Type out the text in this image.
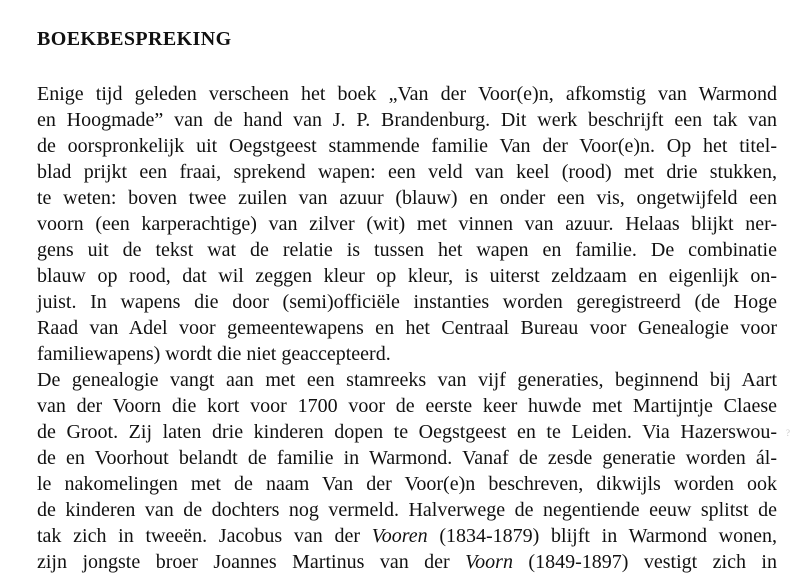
BOEKBESPREKING
Enige tijd geleden verscheen het boek „Van der Voor(e)n, afkomstig van Warmond
en Hoogmade” van de hand van J. P. Brandenburg. Dit werk beschrijft een tak van
de oorspronkelijk uit Oegstgeest stammende familie Van der Voor(e)n. Op het titel-
blad prijkt een fraai, sprekend wapen: een veld van keel (rood) met drie stukken,
te weten: boven twee zuilen van azuur (blauw) en onder een vis, ongetwijfeld een
voorn (een karperachtige) van zilver (wit) met vinnen van azuur. Helaas blijkt ner-
gens uit de tekst wat de relatie is tussen het wapen en familie. De combinatie
blauw op rood, dat wil zeggen kleur op kleur, is uiterst zeldzaam en eigenlijk on-
juist. In wapens die door (semi)officiële instanties worden geregistreerd (de Hoge
Raad van Adel voor gemeentewapens en het Centraal Bureau voor Genealogie voor
familiewapens) wordt die niet geaccepteerd.
De genealogie vangt aan met een stamreeks van vijf generaties, beginnend bij Aart
van der Voorn die kort voor 1700 voor de eerste keer huwde met Martijntje Claese
de Groot. Zij laten drie kinderen dopen te Oegstgeest en te Leiden. Via Hazerswou-
de en Voorhout belandt de familie in Warmond. Vanaf de zesde generatie worden ál-
le nakomelingen met de naam Van der Voor(e)n beschreven, dikwijls worden ook
de kinderen van de dochters nog vermeld. Halverwege de negentiende eeuw splitst de
tak zich in tweeën. Jacobus van der Vooren (1834-1879) blijft in Warmond wonen,
zijn jongste broer Joannes Martinus van der Voorn (1849-1897) vestigt zich in
?
